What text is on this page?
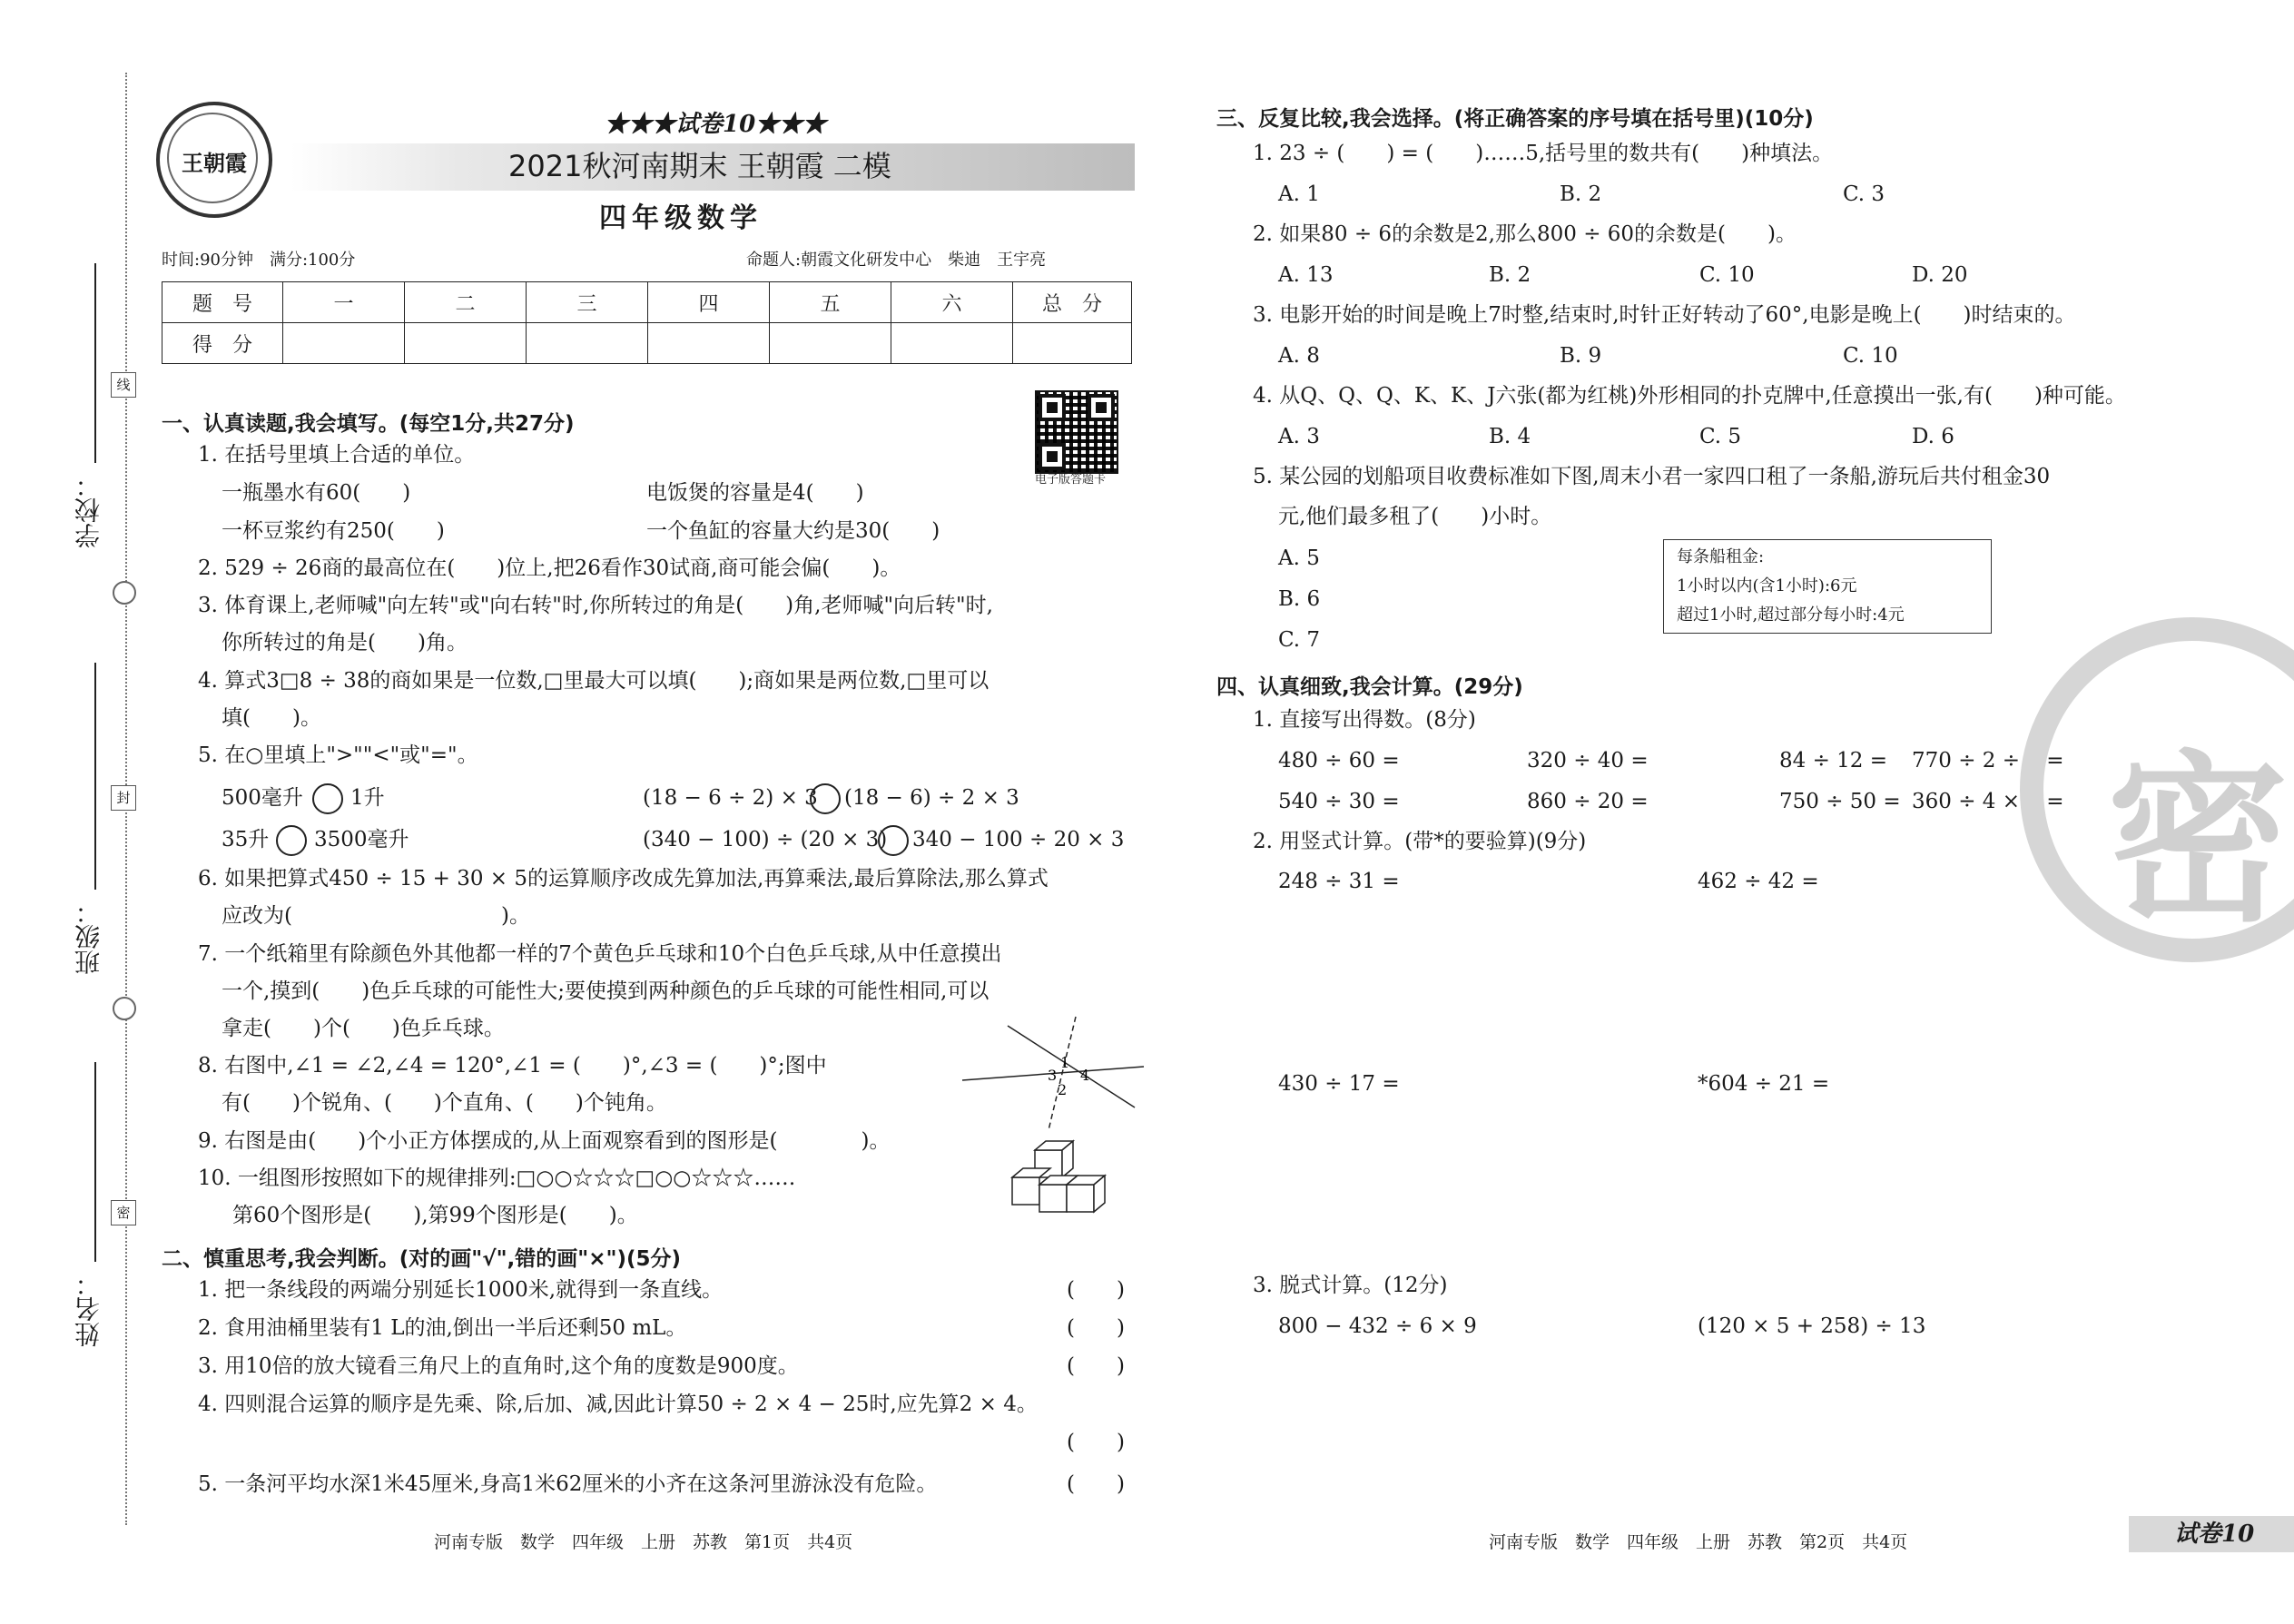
学校：
班级：
姓名：
线
封
密
王朝霞
★★★试卷10★★★
2021秋河南期末 王朝霞 二模
四年级数学
时间:90分钟　满分:100分	命题人:朝霞文化研发中心　柴迪　王宇亮
题　号	一	二	三	四	五	六	总　分
得　分							
电子版答题卡
一、认真读题,我会填写。(每空1分,共27分)
1. 在括号里填上合适的单位。
一瓶墨水有60(　　)	电饭煲的容量是4(　　)
一杯豆浆约有250(　　)	一个鱼缸的容量大约是30(　　)
2. 529 ÷ 26商的最高位在(　　)位上,把26看作30试商,商可能会偏(　　)。
3. 体育课上,老师喊"向左转"或"向右转"时,你所转过的角是(　　)角,老师喊"向后转"时,
你所转过的角是(　　)角。
4. 算式3□8 ÷ 38的商如果是一位数,□里最大可以填(　　);商如果是两位数,□里可以
填(　　)。
5. 在○里填上">""<"或"="。
500毫升 1升	(18 − 6 ÷ 2) × 3 (18 − 6) ÷ 2 × 3
35升 3500毫升	(340 − 100) ÷ (20 × 3) 340 − 100 ÷ 20 × 3
6. 如果把算式450 ÷ 15 + 30 × 5的运算顺序改成先算加法,再算乘法,最后算除法,那么算式
应改为(　　　　　　　　　　)。
7. 一个纸箱里有除颜色外其他都一样的7个黄色乒乓球和10个白色乒乓球,从中任意摸出
一个,摸到(　　)色乒乓球的可能性大;要使摸到两种颜色的乒乓球的可能性相同,可以
拿走(　　)个(　　)色乒乓球。
8. 右图中,∠1 = ∠2,∠4 = 120°,∠1 = (　　)°,∠3 = (　　)°;图中
有(　　)个锐角、(　　)个直角、(　　)个钝角。
9. 右图是由(　　)个小正方体摆成的,从上面观察看到的图形是(　　　　)。
10. 一组图形按照如下的规律排列:□○○☆☆☆□○○☆☆☆……
第60个图形是(　　),第99个图形是(　　)。
1
3
2
4
二、慎重思考,我会判断。(对的画"√",错的画"×")(5分)
1. 把一条线段的两端分别延长1000米,就得到一条直线。	(　　)
2. 食用油桶里装有1 L的油,倒出一半后还剩50 mL。	(　　)
3. 用10倍的放大镜看三角尺上的直角时,这个角的度数是900度。	(　　)
4. 四则混合运算的顺序是先乘、除,后加、减,因此计算50 ÷ 2 × 4 − 25时,应先算2 × 4。
(　　)
5. 一条河平均水深1米45厘米,身高1米62厘米的小齐在这条河里游泳没有危险。	(　　)
三、反复比较,我会选择。(将正确答案的序号填在括号里)(10分)
1. 23 ÷ (　　) = (　　)……5,括号里的数共有(　　)种填法。
A. 1	B. 2	C. 3
2. 如果80 ÷ 6的余数是2,那么800 ÷ 60的余数是(　　)。
A. 13	B. 2	C. 10	D. 20
3. 电影开始的时间是晚上7时整,结束时,时针正好转动了60°,电影是晚上(　　)时结束的。
A. 8	B. 9	C. 10
4. 从Q、Q、Q、K、K、J六张(都为红桃)外形相同的扑克牌中,任意摸出一张,有(　　)种可能。
A. 3	B. 4	C. 5	D. 6
5. 某公园的划船项目收费标准如下图,周末小君一家四口租了一条船,游玩后共付租金30
元,他们最多租了(　　)小时。
A. 5
B. 6
C. 7
每条船租金:
1小时以内(含1小时):6元
超过1小时,超过部分每小时:4元
四、认真细致,我会计算。(29分)
1. 直接写出得数。(8分)
480 ÷ 60 =	320 ÷ 40 =	84 ÷ 12 = 770 ÷ 2 ÷ 5 =
540 ÷ 30 =	860 ÷ 20 =	750 ÷ 50 = 360 ÷ 4 × 9 =
2. 用竖式计算。(带*的要验算)(9分)
248 ÷ 31 =	462 ÷ 42 =
430 ÷ 17 =	*604 ÷ 21 =
3. 脱式计算。(12分)
800 − 432 ÷ 6 × 9	(120 × 5 + 258) ÷ 13
密
河南专版　数学　四年级　上册　苏教　第1页　共4页	河南专版　数学　四年级　上册　苏教　第2页　共4页	试卷10
